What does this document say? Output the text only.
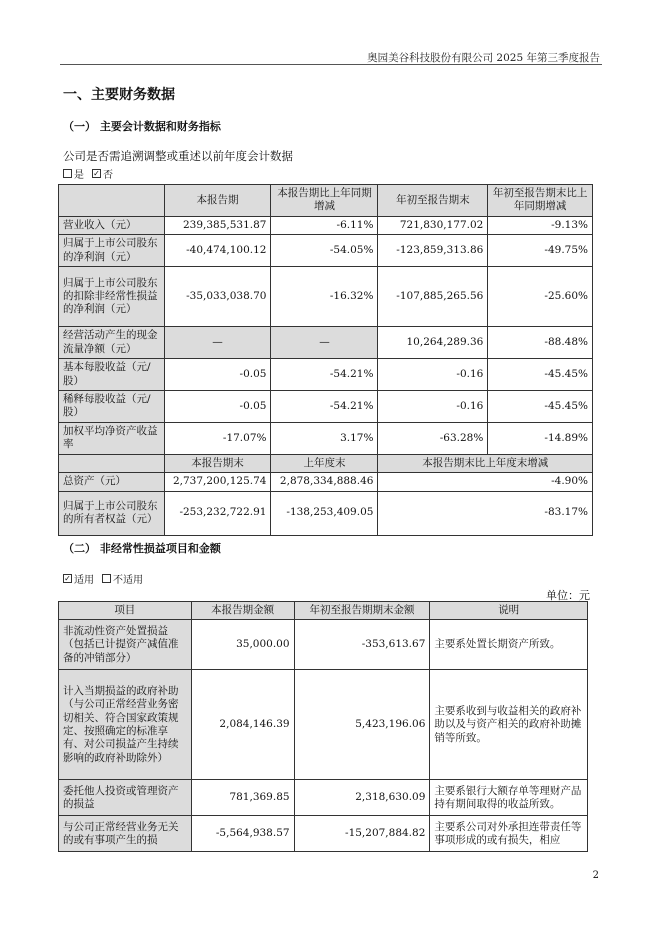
奥园美谷科技股份有限公司 2025 年第三季度报告
一、主要财务数据
（一） 主要会计数据和财务指标
公司是否需追溯调整或重述以前年度会计数据
是 ✓ 否
	本报告期	本报告期比上年同期增减	年初至报告期末	年初至报告期末比上年同期增减
营业收入（元）	239,385,531.87	-6.11%	721,830,177.02	-9.13%
归属于上市公司股东的净利润（元）	-40,474,100.12	-54.05%	-123,859,313.86	-49.75%
归属于上市公司股东的扣除非经常性损益的净利润（元）	-35,033,038.70	-16.32%	-107,885,265.56	-25.60%
经营活动产生的现金流量净额（元）	—	—	10,264,289.36	-88.48%
基本每股收益（元/股）	-0.05	-54.21%	-0.16	-45.45%
稀释每股收益（元/股）	-0.05	-54.21%	-0.16	-45.45%
加权平均净资产收益率	-17.07%	3.17%	-63.28%	-14.89%
	本报告期末	上年度末	本报告期末比上年度末增减	
总资产（元）	2,737,200,125.74	2,878,334,888.46	-4.90%	
归属于上市公司股东的所有者权益（元）	-253,232,722.91	-138,253,409.05	-83.17%	
（二） 非经常性损益项目和金额
✓ 适用 不适用
单位：元
项目	本报告期金额	年初至报告期期末金额	说明
非流动性资产处置损益（包括已计提资产减值准备的冲销部分）	35,000.00	-353,613.67	主要系处置长期资产所致。
计入当期损益的政府补助（与公司正常经营业务密切相关、符合国家政策规定、按照确定的标准享有、对公司损益产生持续影响的政府补助除外）	2,084,146.39	5,423,196.06	主要系收到与收益相关的政府补助以及与资产相关的政府补助摊销等所致。
委托他人投资或管理资产的损益	781,369.85	2,318,630.09	主要系银行大额存单等理财产品持有期间取得的收益所致。
与公司正常经营业务无关的或有事项产生的损	-5,564,938.57	-15,207,884.82	主要系公司对外承担连带责任等事项形成的或有损失，相应
2
